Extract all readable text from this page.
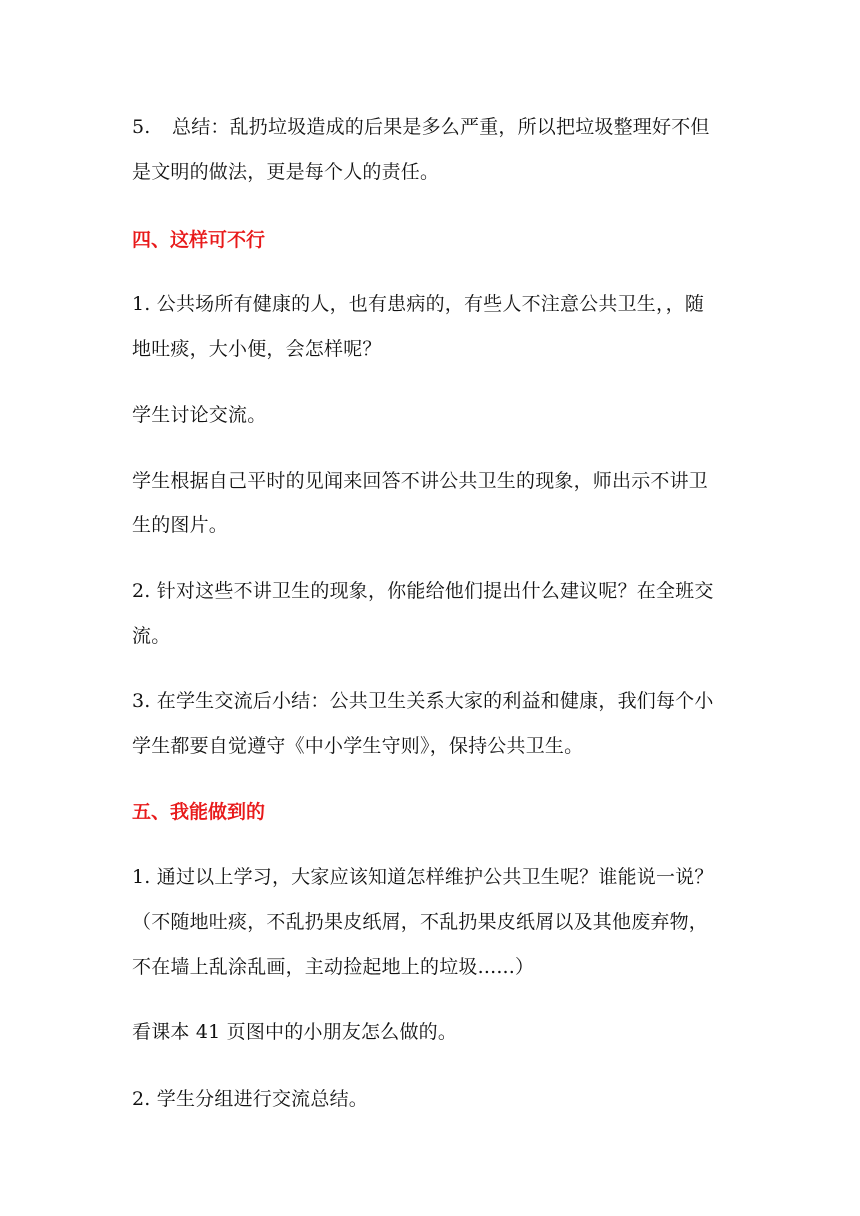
5. 总结：乱扔垃圾造成的后果是多么严重，所以把垃圾整理好不但
是文明的做法，更是每个人的责任。
四、这样可不行
1. 公共场所有健康的人，也有患病的，有些人不注意公共卫生，，随
地吐痰，大小便，会怎样呢？
学生讨论交流。
学生根据自己平时的见闻来回答不讲公共卫生的现象，师出示不讲卫
生的图片。
2. 针对这些不讲卫生的现象，你能给他们提出什么建议呢？在全班交
流。
3. 在学生交流后小结：公共卫生关系大家的利益和健康，我们每个小
学生都要自觉遵守《中小学生守则》，保持公共卫生。
五、我能做到的
1. 通过以上学习，大家应该知道怎样维护公共卫生呢？谁能说一说？
（不随地吐痰，不乱扔果皮纸屑，不乱扔果皮纸屑以及其他废弃物，
不在墙上乱涂乱画，主动捡起地上的垃圾......）
看课本 41 页图中的小朋友怎么做的。
2. 学生分组进行交流总结。
